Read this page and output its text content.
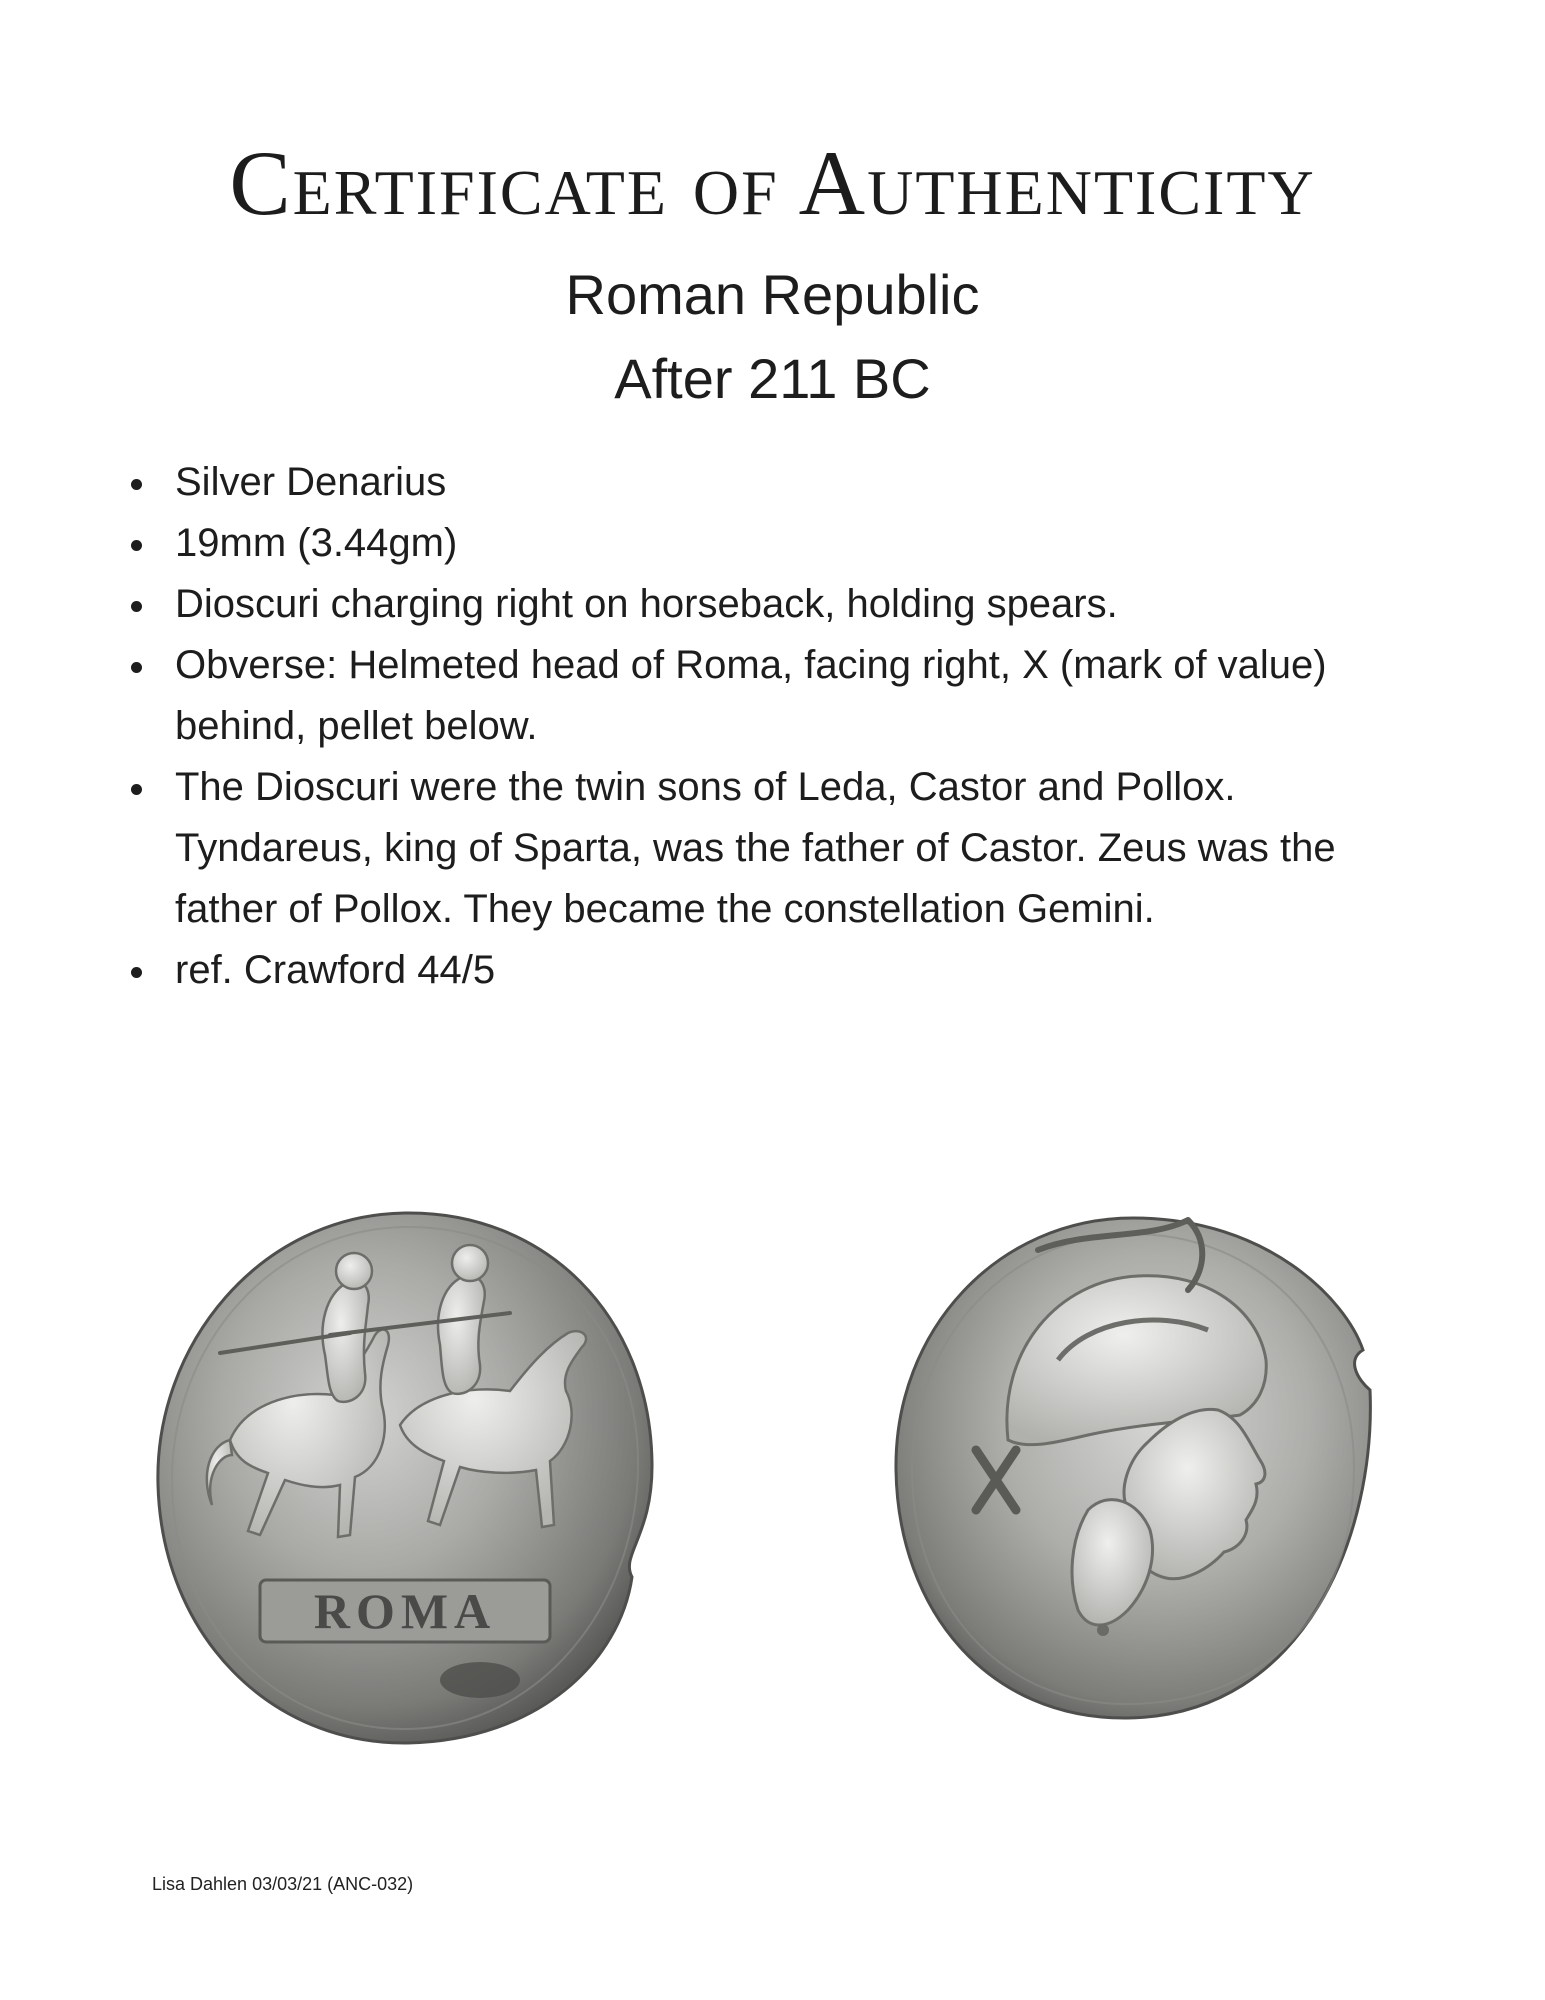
Certificate of Authenticity

Roman Republic

After 211 BC

Silver Denarius
19mm (3.44gm)
Dioscuri charging right on horseback, holding spears.
Obverse: Helmeted head of Roma, facing right, X (mark of value) behind, pellet below.
The Dioscuri were the twin sons of Leda, Castor and Pollox. Tyndareus, king of Sparta, was the father of Castor. Zeus was the father of Pollox. They became the constellation Gemini.
ref. Crawford 44/5
ROMA
Lisa Dahlen 03/03/21 (ANC-032)
